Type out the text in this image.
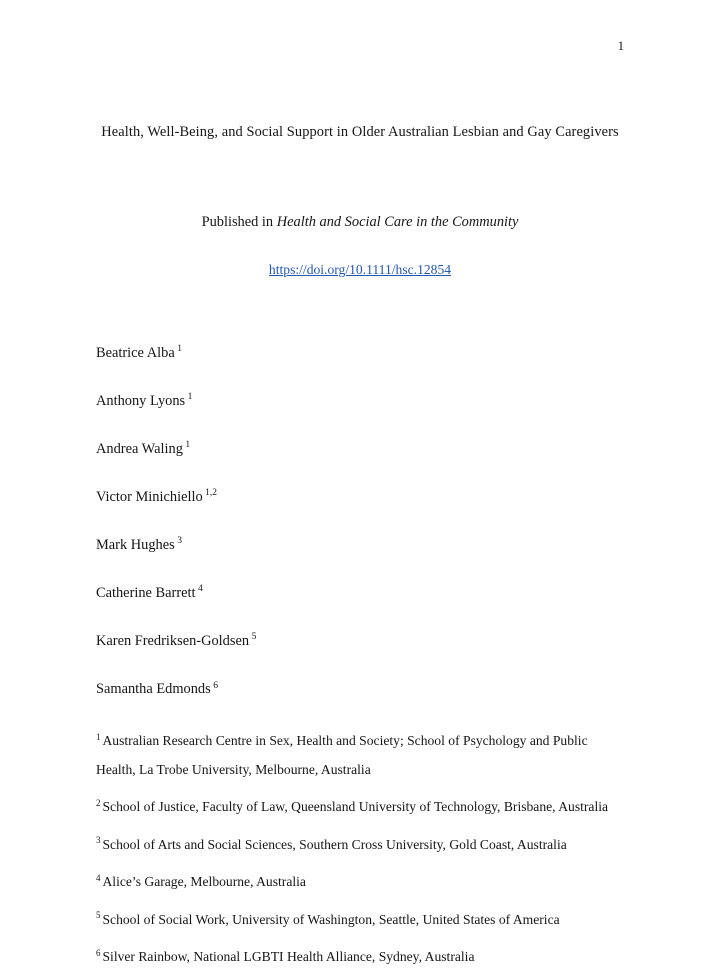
1
Health, Well-Being, and Social Support in Older Australian Lesbian and Gay Caregivers
Published in Health and Social Care in the Community
https://doi.org/10.1111/hsc.12854
Beatrice Alba $^1$
Anthony Lyons $^1$
Andrea Waling $^1$
Victor Minichiello $^{1,2}$
Mark Hughes $^3$
Catherine Barrett $^4$
Karen Fredriksen-Goldsen $^5$
Samantha Edmonds $^6$
$^1$ Australian Research Centre in Sex, Health and Society; School of Psychology and Public Health, La Trobe University, Melbourne, Australia
$^2$ School of Justice, Faculty of Law, Queensland University of Technology, Brisbane, Australia
$^3$ School of Arts and Social Sciences, Southern Cross University, Gold Coast, Australia
$^4$ Alice’s Garage, Melbourne, Australia
$^5$ School of Social Work, University of Washington, Seattle, United States of America
$^6$ Silver Rainbow, National LGBTI Health Alliance, Sydney, Australia
